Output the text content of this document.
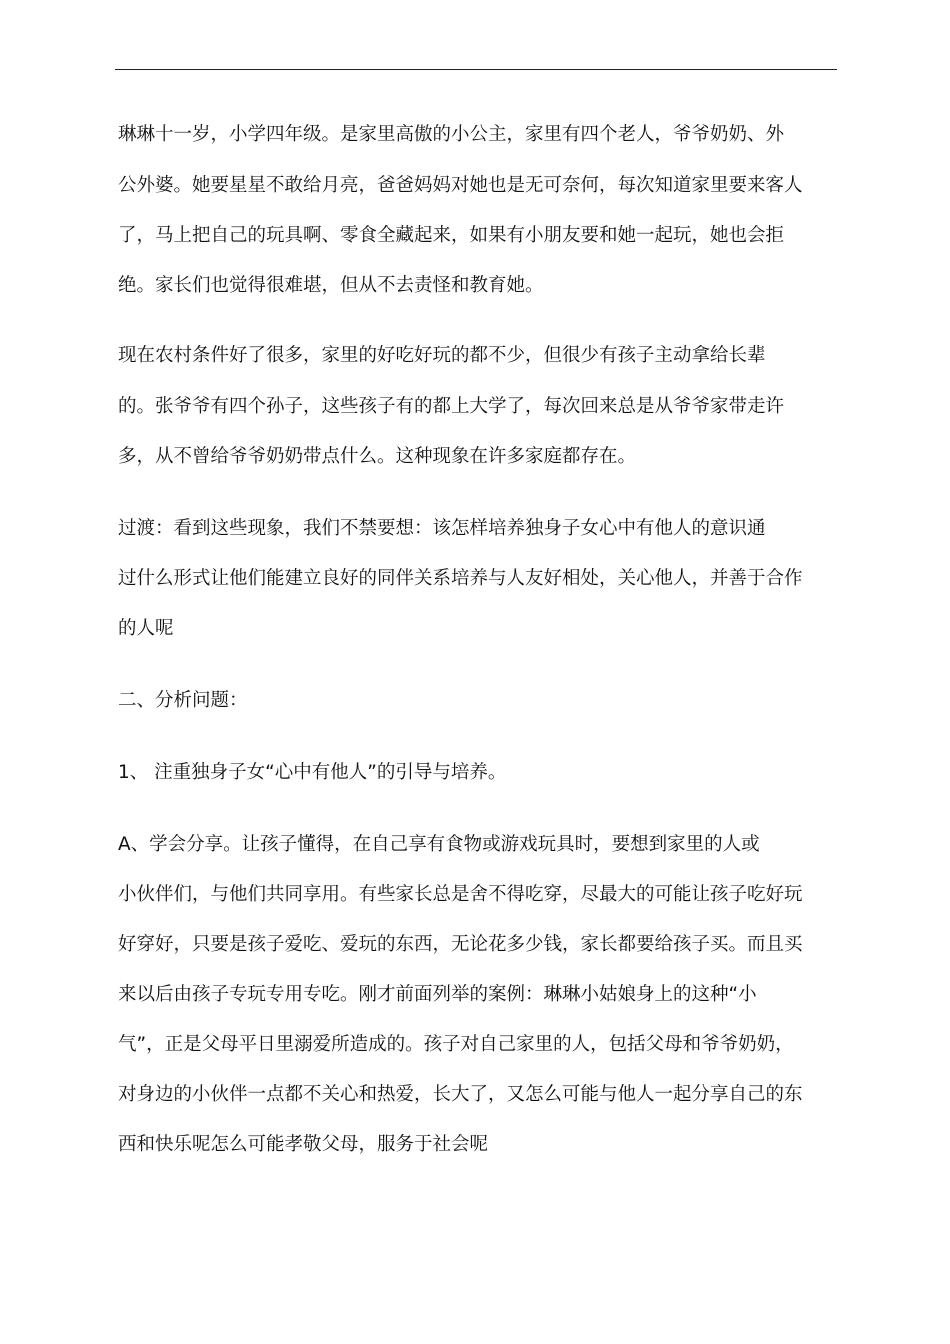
琳琳十一岁，小学四年级。是家里高傲的小公主，家里有四个老人，爷爷奶奶、外
公外婆。她要星星不敢给月亮，爸爸妈妈对她也是无可奈何，每次知道家里要来客人
了，马上把自己的玩具啊、零食全藏起来，如果有小朋友要和她一起玩，她也会拒
绝。家长们也觉得很难堪，但从不去责怪和教育她。
现在农村条件好了很多，家里的好吃好玩的都不少，但很少有孩子主动拿给长辈
的。张爷爷有四个孙子，这些孩子有的都上大学了，每次回来总是从爷爷家带走许
多，从不曾给爷爷奶奶带点什么。这种现象在许多家庭都存在。
过渡：看到这些现象，我们不禁要想：该怎样培养独身子女心中有他人的意识通
过什么形式让他们能建立良好的同伴关系培养与人友好相处，关心他人，并善于合作
的人呢
二、分析问题：
1、 注重独身子女“心中有他人”的引导与培养。
A、学会分享。让孩子懂得，在自己享有食物或游戏玩具时，要想到家里的人或
小伙伴们，与他们共同享用。有些家长总是舍不得吃穿，尽最大的可能让孩子吃好玩
好穿好，只要是孩子爱吃、爱玩的东西，无论花多少钱，家长都要给孩子买。而且买
来以后由孩子专玩专用专吃。刚才前面列举的案例：琳琳小姑娘身上的这种“小
气”，正是父母平日里溺爱所造成的。孩子对自己家里的人，包括父母和爷爷奶奶，
对身边的小伙伴一点都不关心和热爱，长大了，又怎么可能与他人一起分享自己的东
西和快乐呢怎么可能孝敬父母，服务于社会呢
